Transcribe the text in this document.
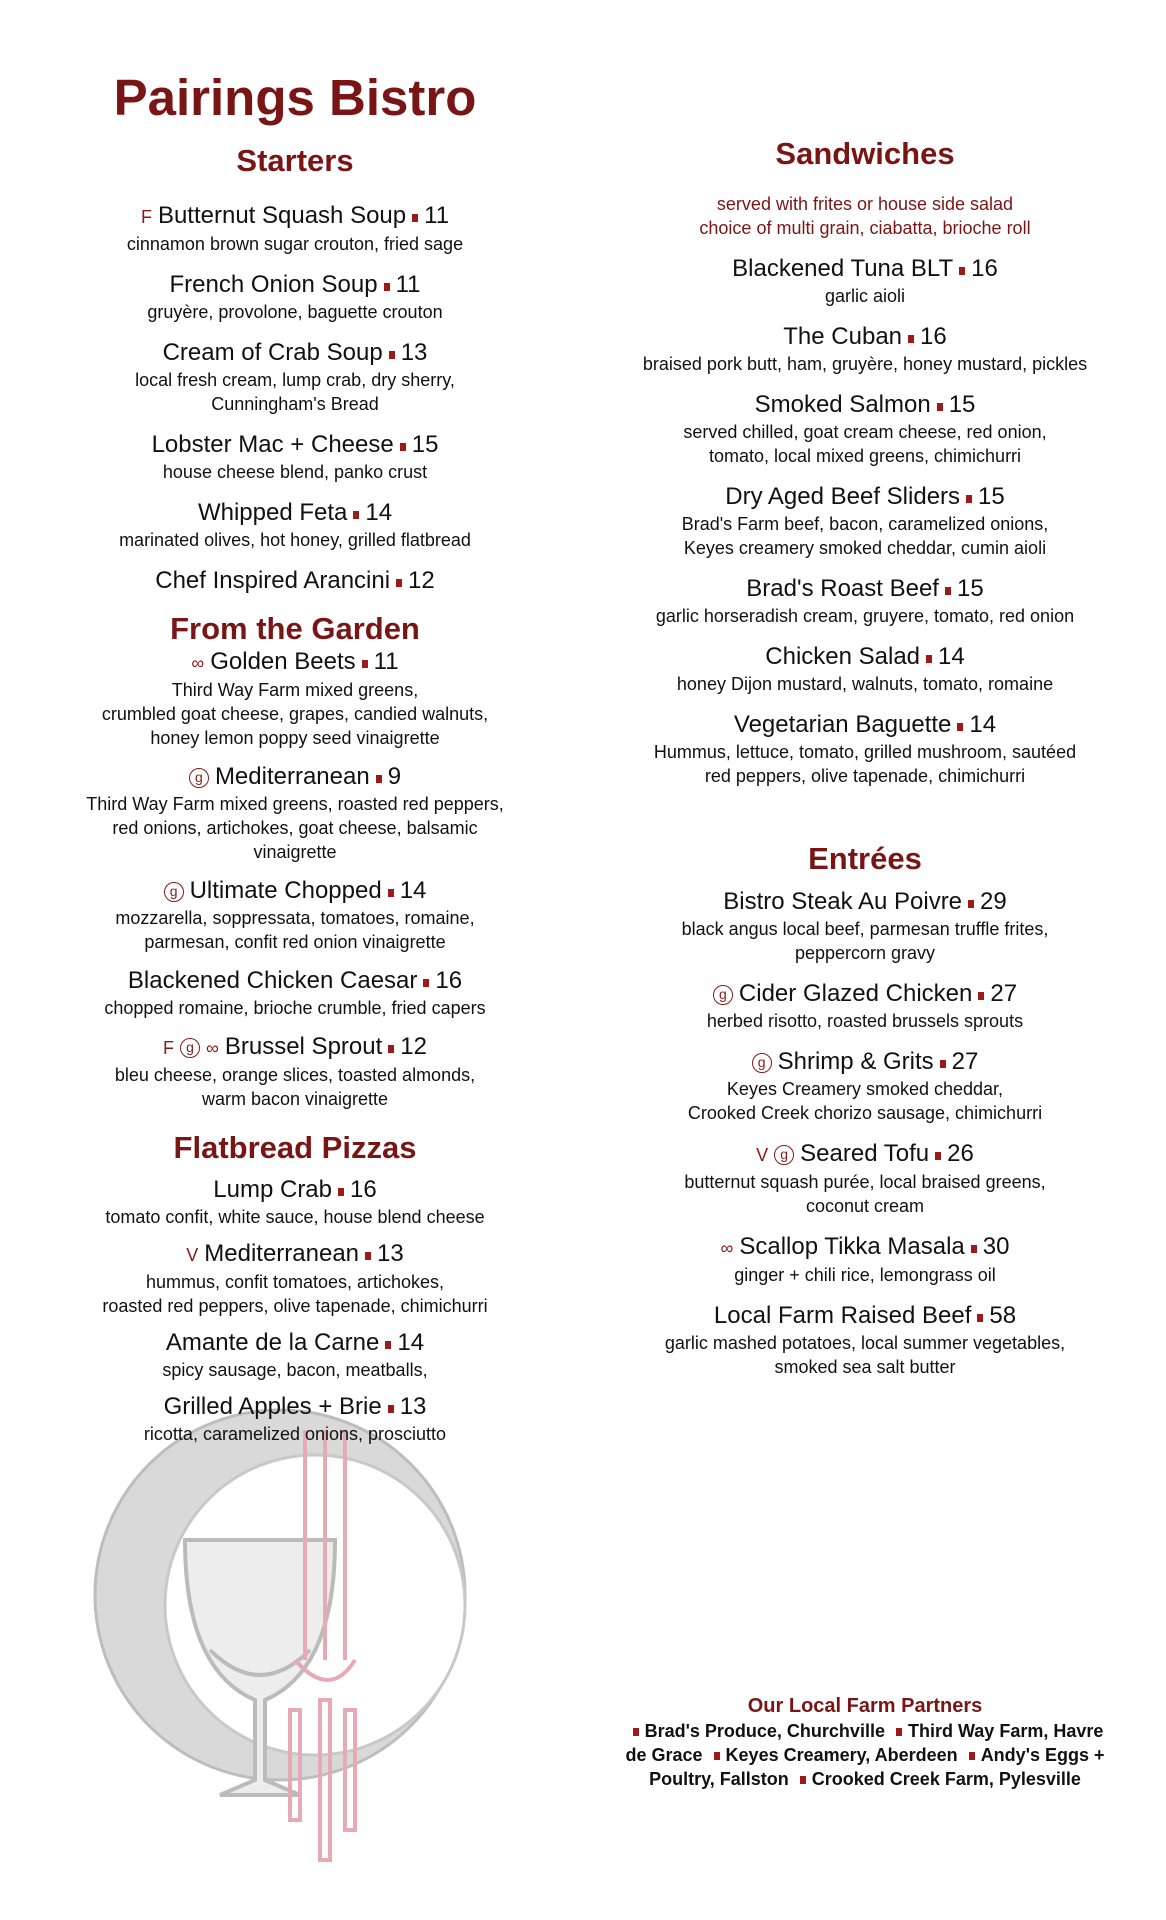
Pairings Bistro
Starters
F Butternut Squash Soup 11
cinnamon brown sugar crouton, fried sage
French Onion Soup 11
gruyère, provolone, baguette crouton
Cream of Crab Soup 13
local fresh cream, lump crab, dry sherry,
Cunningham's Bread
Lobster Mac + Cheese 15
house cheese blend, panko crust
Whipped Feta 14
marinated olives, hot honey, grilled flatbread
Chef Inspired Arancini 12
From the Garden
∞ Golden Beets 11
Third Way Farm mixed greens,
crumbled goat cheese, grapes, candied walnuts,
honey lemon poppy seed vinaigrette
g Mediterranean 9
Third Way Farm mixed greens, roasted red peppers,
red onions, artichokes, goat cheese, balsamic
vinaigrette
g Ultimate Chopped 14
mozzarella, soppressata, tomatoes, romaine,
parmesan, confit red onion vinaigrette
Blackened Chicken Caesar 16
chopped romaine, brioche crumble, fried capers
F g ∞ Brussel Sprout 12
bleu cheese, orange slices, toasted almonds,
warm bacon vinaigrette
Flatbread Pizzas
Lump Crab 16
tomato confit, white sauce, house blend cheese
V Mediterranean 13
hummus, confit tomatoes, artichokes,
roasted red peppers, olive tapenade, chimichurri
Amante de la Carne 14
spicy sausage, bacon, meatballs,
Grilled Apples + Brie 13
ricotta, caramelized onions, prosciutto
Sandwiches
served with frites or house side salad
choice of multi grain, ciabatta, brioche roll
Blackened Tuna BLT 16
garlic aioli
The Cuban 16
braised pork butt, ham, gruyère, honey mustard, pickles
Smoked Salmon 15
served chilled, goat cream cheese, red onion,
tomato, local mixed greens, chimichurri
Dry Aged Beef Sliders 15
Brad's Farm beef, bacon, caramelized onions,
Keyes creamery smoked cheddar, cumin aioli
Brad's Roast Beef 15
garlic horseradish cream, gruyere, tomato, red onion
Chicken Salad 14
honey Dijon mustard, walnuts, tomato, romaine
Vegetarian Baguette 14
Hummus, lettuce, tomato, grilled mushroom, sautéed
red peppers, olive tapenade, chimichurri
Entrées
Bistro Steak Au Poivre 29
black angus local beef, parmesan truffle frites,
peppercorn gravy
g Cider Glazed Chicken 27
herbed risotto, roasted brussels sprouts
g Shrimp & Grits 27
Keyes Creamery smoked cheddar,
Crooked Creek chorizo sausage, chimichurri
V g Seared Tofu 26
butternut squash purée, local braised greens,
coconut cream
∞ Scallop Tikka Masala 30
ginger + chili rice, lemongrass oil
Local Farm Raised Beef 58
garlic mashed potatoes, local summer vegetables,
smoked sea salt butter
Our Local Farm Partners
Brad's Produce, Churchville Third Way Farm, Havre de Grace Keyes Creamery, Aberdeen Andy's Eggs + Poultry, Fallston Crooked Creek Farm, Pylesville
